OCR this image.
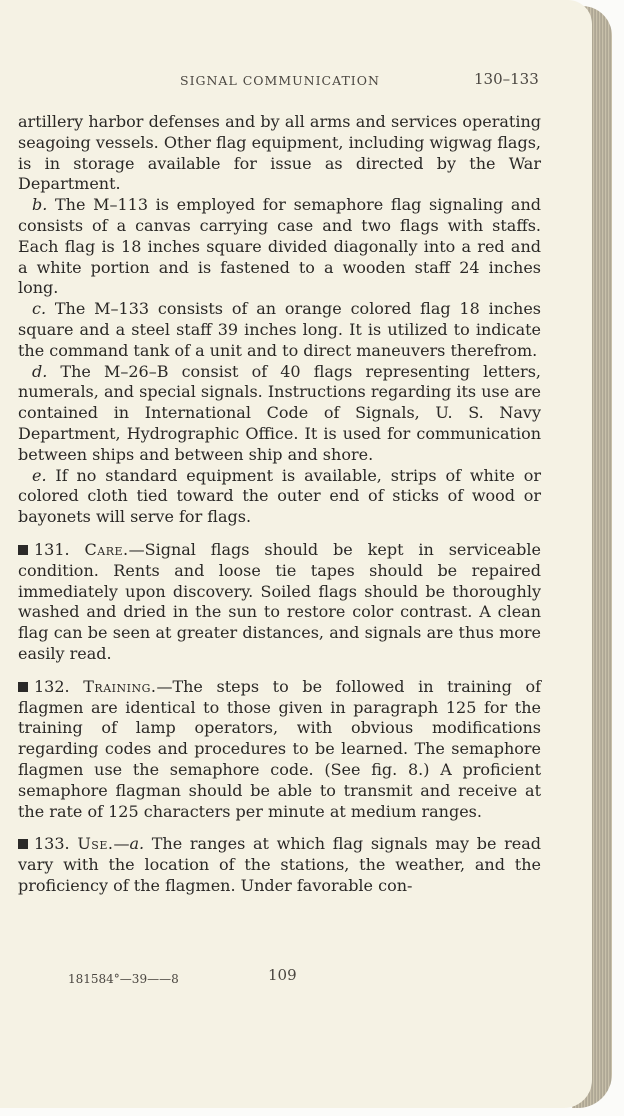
SIGNAL COMMUNICATION	130–133

artillery harbor defenses and by all arms and services operating seagoing vessels. Other flag equipment, including wigwag flags, is in storage available for issue as directed by the War Department.

b. The M–113 is employed for semaphore flag signaling and consists of a canvas carrying case and two flags with staffs. Each flag is 18 inches square divided diagonally into a red and a white portion and is fastened to a wooden staff 24 inches long.

c. The M–133 consists of an orange colored flag 18 inches square and a steel staff 39 inches long. It is utilized to indicate the command tank of a unit and to direct maneuvers therefrom.

d. The M–26–B consist of 40 flags representing letters, numerals, and special signals. Instructions regarding its use are contained in International Code of Signals, U. S. Navy Department, Hydrographic Office. It is used for communication between ships and between ship and shore.

e. If no standard equipment is available, strips of white or colored cloth tied toward the outer end of sticks of wood or bayonets will serve for flags.

131. Care.—Signal flags should be kept in serviceable condition. Rents and loose tie tapes should be repaired immediately upon discovery. Soiled flags should be thoroughly washed and dried in the sun to restore color contrast. A clean flag can be seen at greater distances, and signals are thus more easily read.

132. Training.—The steps to be followed in training of flagmen are identical to those given in paragraph 125 for the training of lamp operators, with obvious modifications regarding codes and procedures to be learned. The semaphore flagmen use the semaphore code. (See fig. 8.) A proficient semaphore flagman should be able to transmit and receive at the rate of 125 characters per minute at medium ranges.

133. Use.—a. The ranges at which flag signals may be read vary with the location of the stations, the weather, and the proficiency of the flagmen. Under favorable con-

181584°—39——8	109
